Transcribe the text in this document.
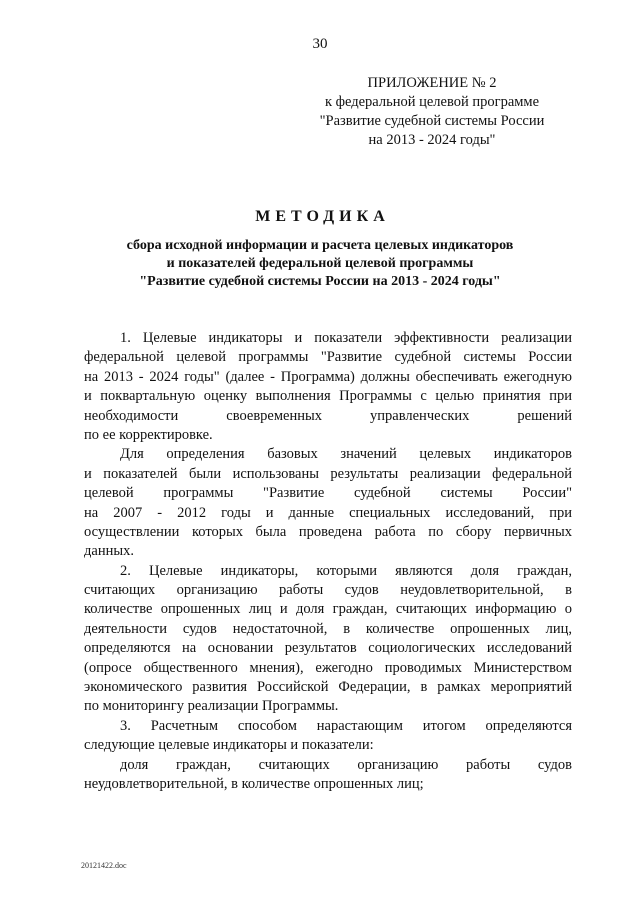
30
ПРИЛОЖЕНИЕ № 2
к федеральной целевой программе
"Развитие судебной системы России
на 2013 - 2024 годы"
МЕТОДИКА
сбора исходной информации и расчета целевых индикаторов
и показателей федеральной целевой программы
"Развитие судебной системы России на 2013 - 2024 годы"
1. Целевые индикаторы и показатели эффективности реализации
федеральной целевой программы "Развитие судебной системы России
на 2013 - 2024 годы" (далее - Программа) должны обеспечивать ежегодную
и поквартальную оценку выполнения Программы с целью принятия при
необходимости своевременных управленческих решений
по ее корректировке.
Для определения базовых значений целевых индикаторов
и показателей были использованы результаты реализации федеральной
целевой программы "Развитие судебной системы России"
на 2007 - 2012 годы и данные специальных исследований, при
осуществлении которых была проведена работа по сбору первичных
данных.
2. Целевые индикаторы, которыми являются доля граждан,
считающих организацию работы судов неудовлетворительной, в
количестве опрошенных лиц и доля граждан, считающих информацию о
деятельности судов недостаточной, в количестве опрошенных лиц,
определяются на основании результатов социологических исследований
(опросе общественного мнения), ежегодно проводимых Министерством
экономического развития Российской Федерации, в рамках мероприятий
по мониторингу реализации Программы.
3. Расчетным способом нарастающим итогом определяются
следующие целевые индикаторы и показатели:
доля граждан, считающих организацию работы судов
неудовлетворительной, в количестве опрошенных лиц;
20121422.doc
